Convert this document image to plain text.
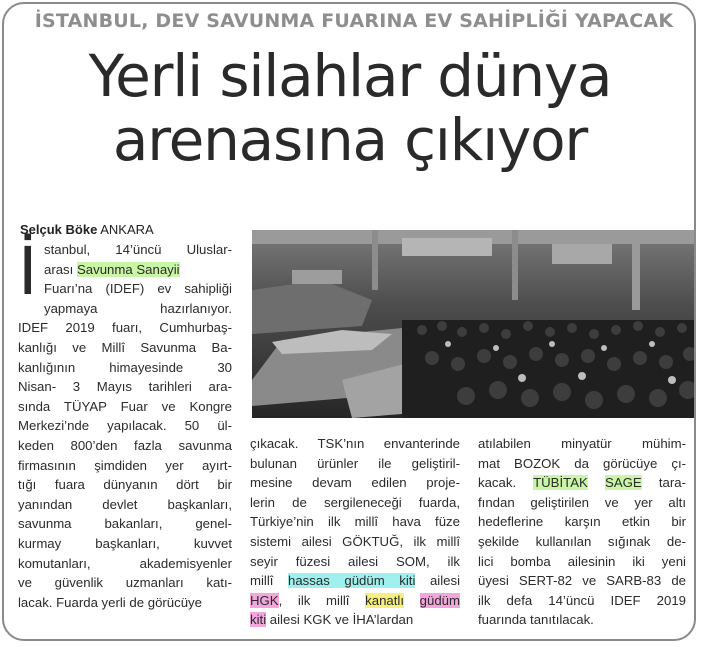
İSTANBUL, DEV SAVUNMA FUARINA EV SAHİPLİĞİ YAPACAK
Yerli silahlar dünya
arenasına çıkıyor
Selçuk Böke ANKARA
İ stanbul, 14’üncü Uluslar-
arası Savunma Sanayii
Fuarı’na (IDEF) ev sahipliği
yapmaya hazırlanıyor.
IDEF 2019 fuarı, Cumhurbaş-
kanlığı ve Millî Savunma Ba-
kanlığının himayesinde 30
Nisan- 3 Mayıs tarihleri ara-
sında TÜYAP Fuar ve Kongre
Merkezi’nde yapılacak. 50 ül-
keden 800’den fazla savunma
firmasının şimdiden yer ayırt-
tığı fuara dünyanın dört bir
yanından devlet başkanları,
savunma bakanları, genel-
kurmay başkanları, kuvvet
komutanları, akademisyenler
ve güvenlik uzmanları katı-
lacak. Fuarda yerli de görücüye
çıkacak. TSK’nın envanterinde
bulunan ürünler ile geliştiril-
mesine devam edilen proje-
lerin de sergileneceği fuarda,
Türkiye’nin ilk millî hava füze
sistemi ailesi GÖKTUĞ, ilk millî
seyir füzesi ailesi SOM, ilk
millî hassas güdüm kiti ailesi
HGK, ilk millî kanatlı güdüm
kiti ailesi KGK ve İHA’lardan
atılabilen minyatür mühim-
mat BOZOK da görücüye çı-
kacak. TÜBİTAK SAGE tara-
fından geliştirilen ve yer altı
hedeflerine karşın etkin bir
şekilde kullanılan sığınak de-
lici bomba ailesinin iki yeni
üyesi SERT-82 ve SARB-83 de
ilk defa 14’üncü IDEF 2019
fuarında tanıtılacak.
